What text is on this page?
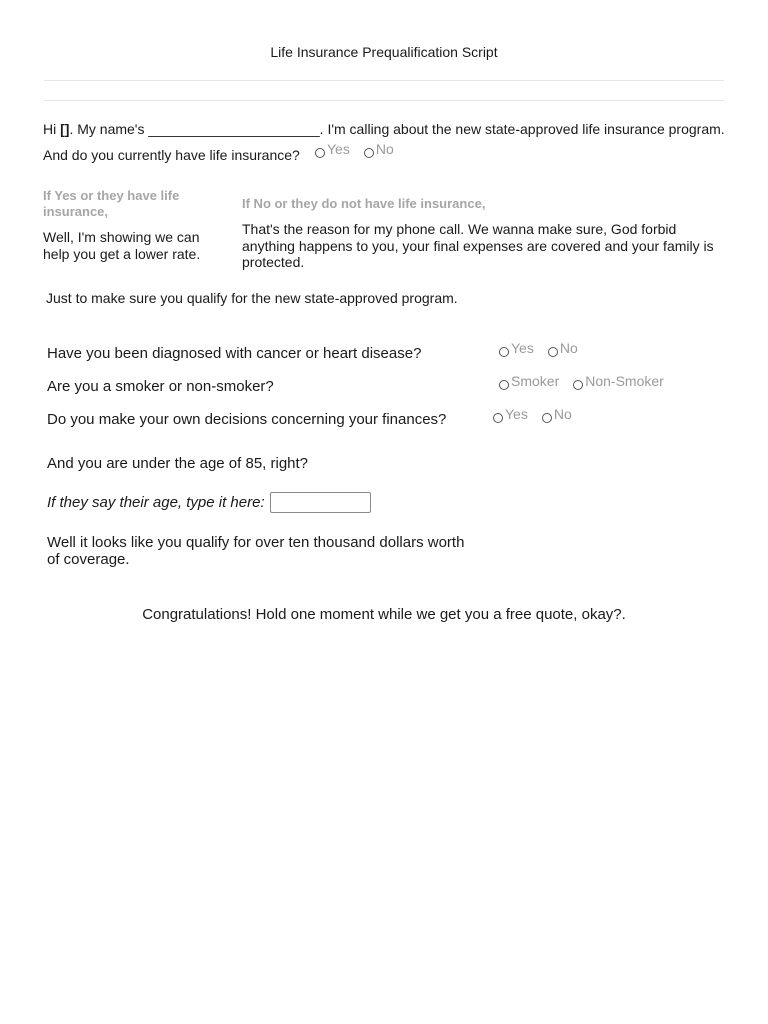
Life Insurance Prequalification Script
Hi []. My name's ______________________. I'm calling about the new state-approved life insurance program.
And do you currently have life insurance? Yes No
If Yes or they have life insurance,
Well, I'm showing we can help you get a lower rate.
If No or they do not have life insurance,
That's the reason for my phone call. We wanna make sure, God forbid anything happens to you, your final expenses are covered and your family is protected.
Just to make sure you qualify for the new state-approved program.
Have you been diagnosed with cancer or heart disease?	Yes No
Are you a smoker or non-smoker?	Smoker Non-Smoker
Do you make your own decisions concerning your finances?	Yes No
And you are under the age of 85, right?
If they say their age, type it here:
Well it looks like you qualify for over ten thousand dollars worth of coverage.
Congratulations! Hold one moment while we get you a free quote, okay?.
